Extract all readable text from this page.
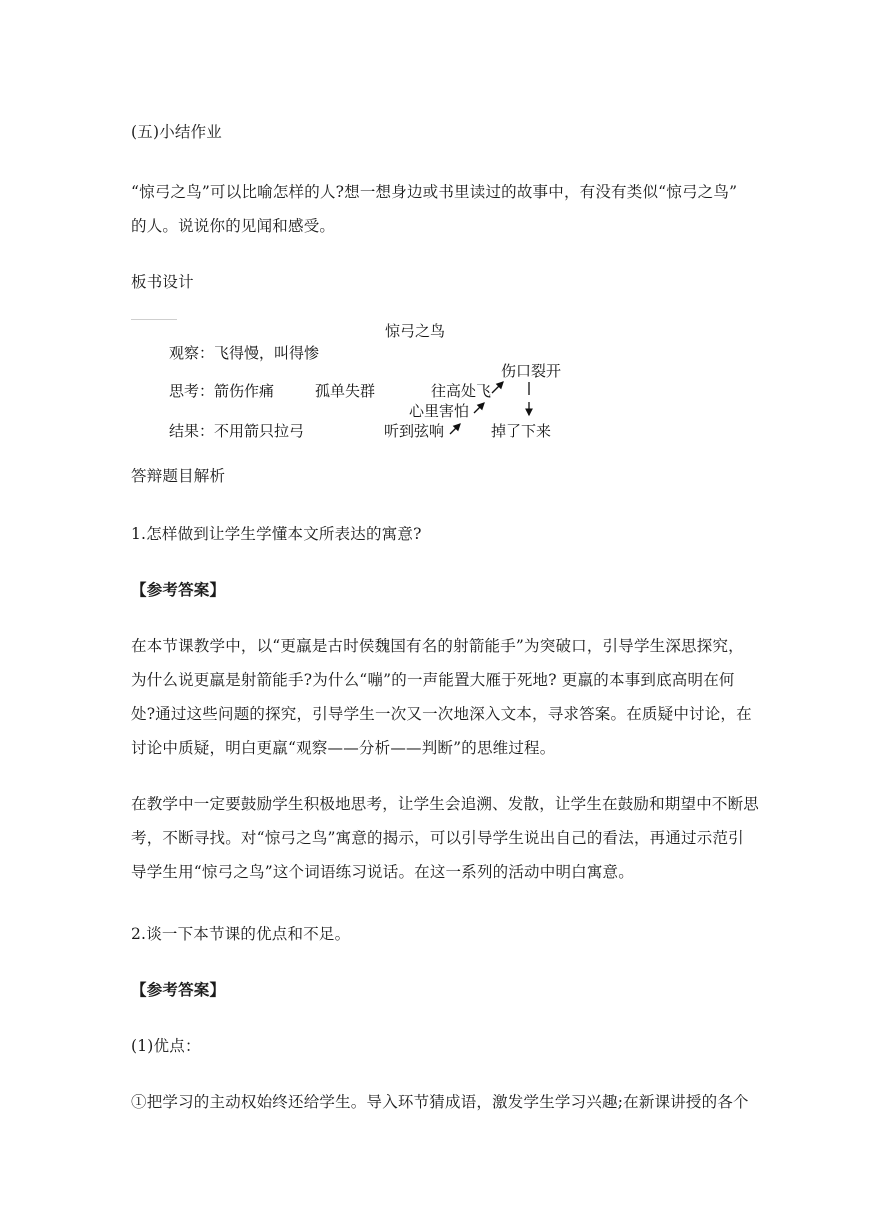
(五)小结作业
“惊弓之鸟”可以比喻怎样的人?想一想身边或书里读过的故事中，有没有类似“惊弓之鸟”
的人。说说你的见闻和感受。
板书设计
惊弓之鸟
观察：飞得慢，叫得惨
伤口裂开
思考：箭伤作痛	孤单失群	往高处飞
心里害怕
结果：不用箭只拉弓	听到弦响	掉了下来
答辩题目解析
1.怎样做到让学生学懂本文所表达的寓意?
【参考答案】
在本节课教学中，以“更羸是古时侯魏国有名的射箭能手”为突破口，引导学生深思探究，
为什么说更羸是射箭能手?为什么“嘣”的一声能置大雁于死地? 更羸的本事到底高明在何
处?通过这些问题的探究，引导学生一次又一次地深入文本，寻求答案。在质疑中讨论，在
讨论中质疑，明白更羸“观察——分析——判断”的思维过程。
在教学中一定要鼓励学生积极地思考，让学生会追溯、发散，让学生在鼓励和期望中不断思
考，不断寻找。对“惊弓之鸟”寓意的揭示，可以引导学生说出自己的看法，再通过示范引
导学生用“惊弓之鸟”这个词语练习说话。在这一系列的活动中明白寓意。
2.谈一下本节课的优点和不足。
【参考答案】
(1)优点：
①把学习的主动权始终还给学生。导入环节猜成语，激发学生学习兴趣;在新课讲授的各个
